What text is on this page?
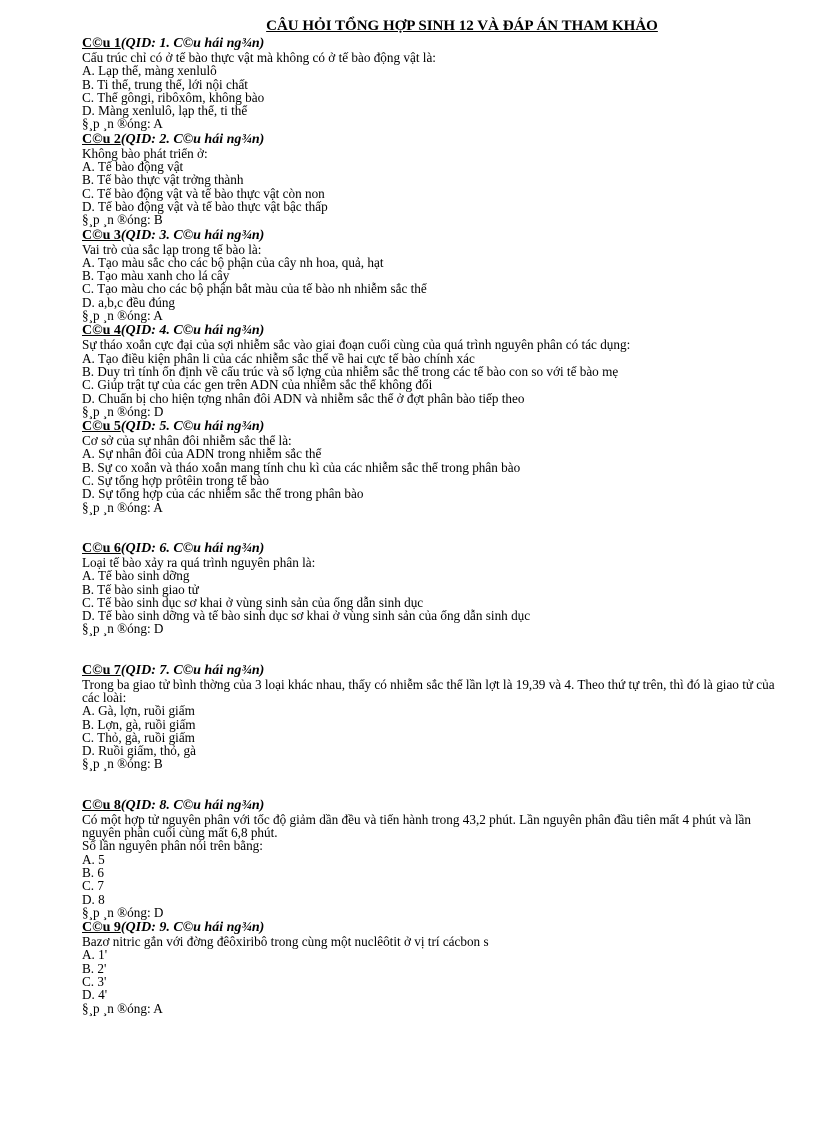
CÂU HỎI TỔNG HỢP SINH 12 VÀ ĐÁP ÁN THAM KHẢO
C©u 1(QID: 1. C©u hái ng¾n)
Cấu trúc chỉ có ở tế bào thực vật mà không có ở tế bào động vật là:
A. Lạp thể, màng xenlulô
B. Ti thể, trung thể, lới nội chất
C. Thể gôngi, ribôxôm, không bào
D. Màng xenlulô, lạp thể, ti thể
§¸p ¸n ®óng: A
C©u 2(QID: 2. C©u hái ng¾n)
Không bào phát triển ở:
A. Tế bào động vật
B. Tế bào thực vật trởng thành
C. Tế bào động vật và tế bào thực vật còn non
D. Tế bào động vật và tế bào thực vật bậc thấp
§¸p ¸n ®óng: B
C©u 3(QID: 3. C©u hái ng¾n)
Vai trò của sắc lạp trong tế bào là:
A. Tạo màu sắc cho các bộ phận của cây nh hoa, quả, hạt
B. Tạo màu xanh cho lá cây
C. Tạo màu cho các bộ phận bắt màu của tế bào nh nhiễm sắc thể
D. a,b,c đều đúng
§¸p ¸n ®óng: A
C©u 4(QID: 4. C©u hái ng¾n)
Sự tháo xoắn cực đại của sợi nhiễm sắc vào giai đoạn cuối cùng của quá trình nguyên phân có tác dụng:
A. Tạo điều kiện phân li của các nhiễm sắc thể về hai cực tế bào chính xác
B. Duy trì tính ổn định về cấu trúc và số lợng của nhiễm sắc thể trong các tế bào con so với tế bào mẹ
C. Giúp trật tự của các gen trên ADN của nhiễm sắc thể không đổi
D. Chuẩn bị cho hiện tợng nhân đôi ADN và nhiễm sắc thể ở đợt phân bào tiếp theo
§¸p ¸n ®óng: D
C©u 5(QID: 5. C©u hái ng¾n)
Cơ sở của sự nhân đôi nhiễm sắc thể là:
A. Sự nhân đôi của ADN trong nhiễm sắc thể
B. Sự co xoắn và tháo xoắn mang tính chu kì của các nhiễm sắc thể trong phân bào
C. Sự tổng hợp prôtêin trong tế bào
D. Sự tổng hợp của các nhiễm sắc thể trong phân bào
§¸p ¸n ®óng: A
C©u 6(QID: 6. C©u hái ng¾n)
Loại tế bào xảy ra quá trình nguyên phân là:
A. Tế bào sinh dỡng
B. Tế bào sinh giao tử
C. Tế bào sinh dục sơ khai ở vùng sinh sản của ống dẫn sinh dục
D. Tế bào sinh dỡng và tế bào sinh dục sơ khai ở vùng sinh sản của ống dẫn sinh dục
§¸p ¸n ®óng: D
C©u 7(QID: 7. C©u hái ng¾n)
Trong ba giao tử bình thờng của 3 loại khác nhau, thấy có nhiễm sắc thể lần lợt là 19,39 và 4. Theo thứ tự trên, thì đó là giao tử của các loài:
A. Gà, lợn, ruồi giấm
B. Lợn, gà, ruồi giấm
C. Thỏ, gà, ruồi giấm
D. Ruồi giấm, thỏ, gà
§¸p ¸n ®óng: B
C©u 8(QID: 8. C©u hái ng¾n)
Có một hợp tử nguyên phân với tốc độ giảm dần đều và tiến hành trong 43,2 phút. Lần nguyên phân đầu tiên mất 4 phút và lần nguyên phân cuối cùng mất 6,8 phút.
Số lần nguyên phân nói trên bằng:
A. 5
B. 6
C. 7
D. 8
§¸p ¸n ®óng: D
C©u 9(QID: 9. C©u hái ng¾n)
Bazơ nitric gắn với đờng đêôxiribô trong cùng một nuclêôtit ở vị trí cácbon s
A. 1'
B. 2'
C. 3'
D. 4'
§¸p ¸n ®óng: A
